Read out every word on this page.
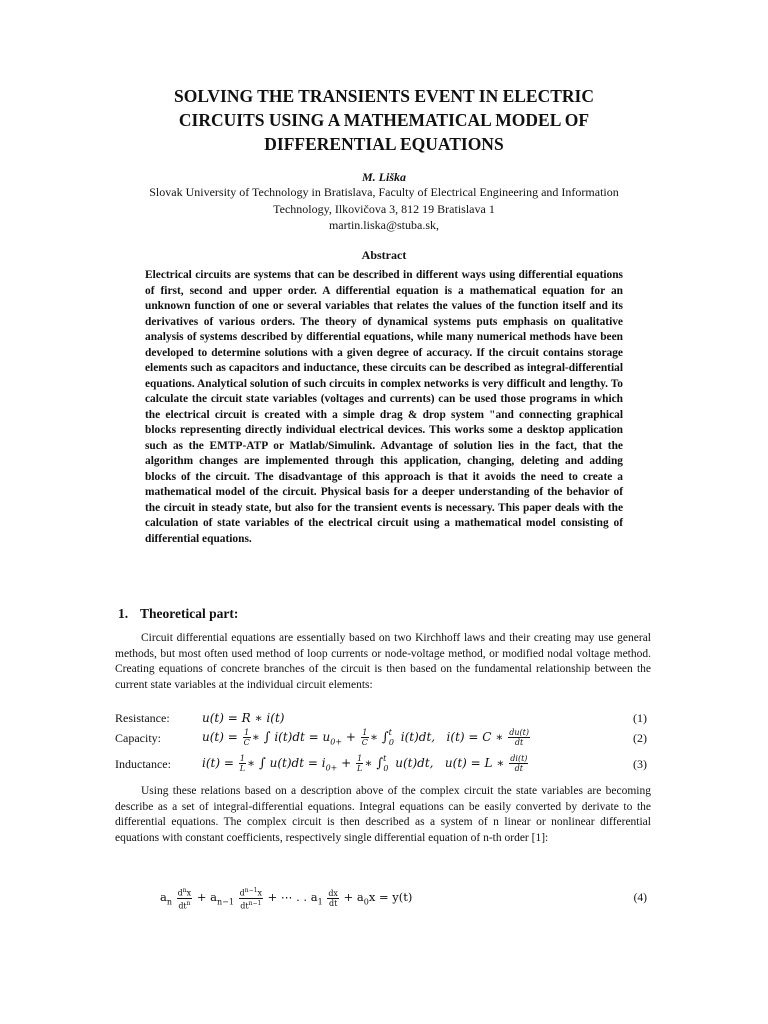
SOLVING THE TRANSIENTS EVENT IN ELECTRIC
CIRCUITS USING A MATHEMATICAL MODEL OF
DIFFERENTIAL EQUATIONS
M. Liška
Slovak University of Technology in Bratislava, Faculty of Electrical Engineering and Information
Technology, Ilkovičova 3, 812 19 Bratislava 1
martin.liska@stuba.sk,
Abstract

Electrical circuits are systems that can be described in different ways using differential equations of first, second and upper order. A differential equation is a mathematical equation for an unknown function of one or several variables that relates the values of the function itself and its derivatives of various orders. The theory of dynamical systems puts emphasis on qualitative analysis of systems described by differential equations, while many numerical methods have been developed to determine solutions with a given degree of accuracy. If the circuit contains storage elements such as capacitors and inductance, these circuits can be described as integral-differential equations. Analytical solution of such circuits in complex networks is very difficult and lengthy. To calculate the circuit state variables (voltages and currents) can be used those programs in which the electrical circuit is created with a simple drag & drop system "and connecting graphical blocks representing directly individual electrical devices. This works some a desktop application such as the EMTP-ATP or Matlab/Simulink. Advantage of solution lies in the fact, that the algorithm changes are implemented through this application, changing, deleting and adding blocks of the circuit. The disadvantage of this approach is that it avoids the need to create a mathematical model of the circuit. Physical basis for a deeper understanding of the behavior of the circuit in steady state, but also for the transient events is necessary. This paper deals with the calculation of state variables of the electrical circuit using a mathematical model consisting of differential equations.

1. Theoretical part:

Circuit differential equations are essentially based on two Kirchhoff laws and their creating may use general methods, but most often used method of loop currents or node-voltage method, or modified nodal voltage method. Creating equations of concrete branches of the circuit is then based on the fundamental relationship between the current state variables at the individual circuit elements:

Resistance:	u(t) = R ∗ i(t)	(1)
Capacity:	$u(t) = \frac{1}{C}$ ∗ ∫ $i(t)dt = u_{0+} + \frac{1}{C}$ ∗ ∫$^t_0$ i(t)dt,   i(t) = C ∗ $\frac{du(t)}{dt}$	(2)
Inductance:	$i(t) = \frac{1}{L}$ ∗ ∫ $u(t)dt = i_{0+} + \frac{1}{L}$ ∗ ∫$^t_0$ u(t)dt,   u(t) = L ∗ $\frac{di(t)}{dt}$	(3)

Using these relations based on a description above of the complex circuit the state variables are becoming describe as a set of integral-differential equations. Integral equations can be easily converted by derivate to the differential equations. The complex circuit is then described as a system of n linear or nonlinear differential equations with constant coefficients, respectively single differential equation of n-th order [1]:

$a_n \frac{d^nx}{dt^n} + a_{n-1} \frac{d^{n-1}x}{dt^{n-1}}$ + ⋯ . . $a_1 \frac{dx}{dt} + a_0x = y(t)$	(4)
